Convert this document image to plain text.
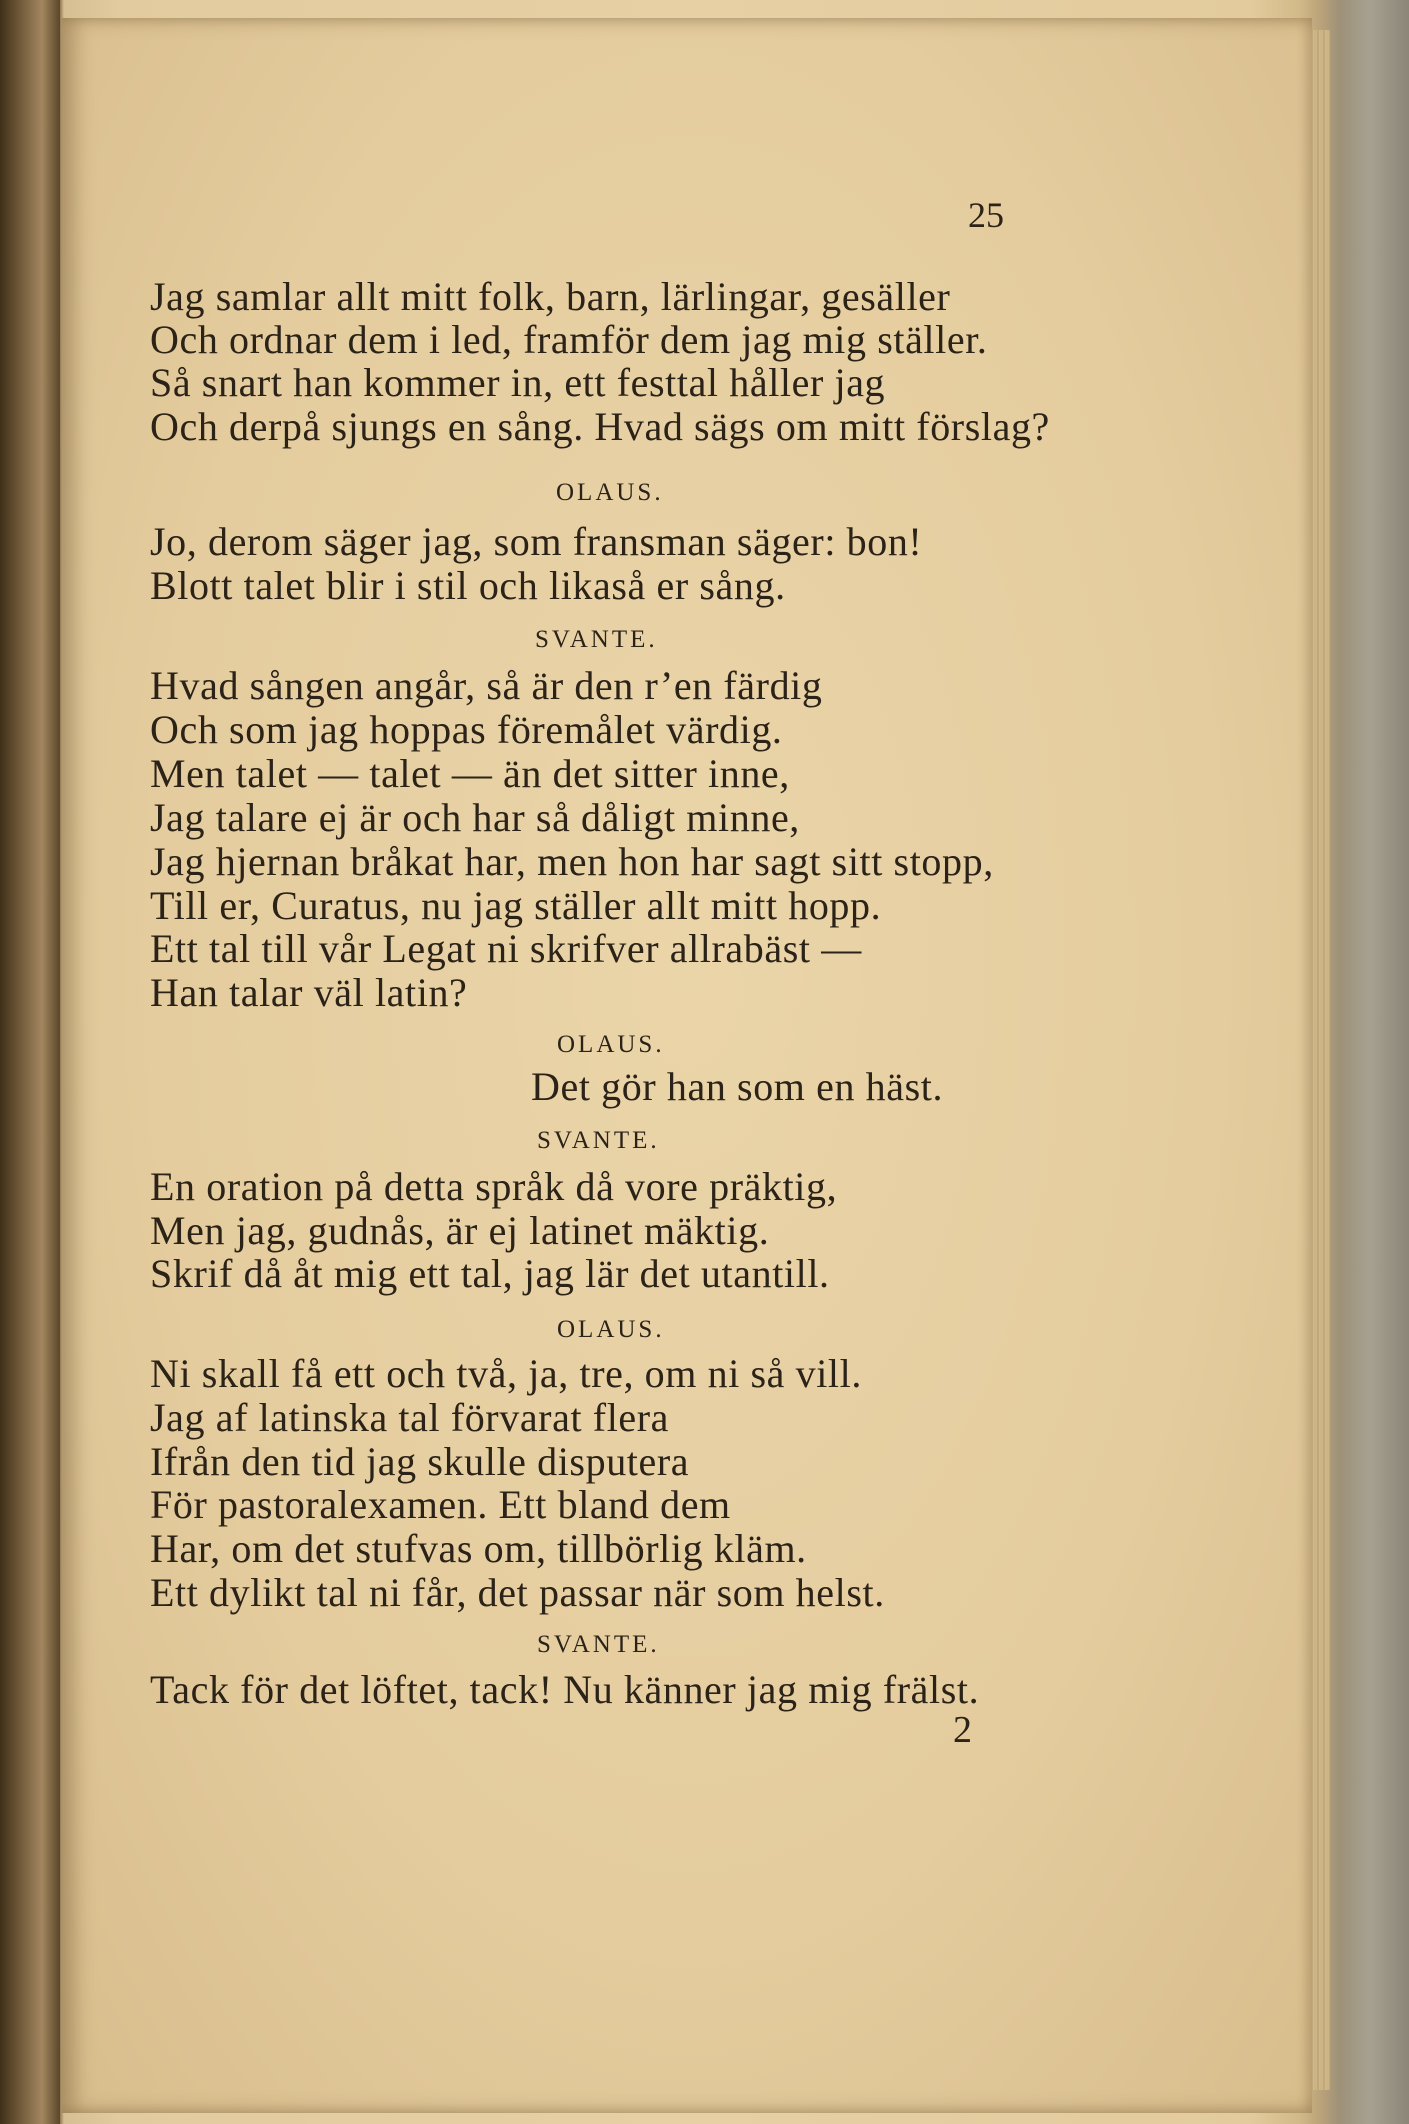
25
Jag samlar allt mitt folk, barn, lärlingar, gesäller
Och ordnar dem i led, framför dem jag mig ställer.
Så snart han kommer in, ett festtal håller jag
Och derpå sjungs en sång. Hvad sägs om mitt förslag?
OLAUS.
Jo, derom säger jag, som fransman säger: bon!
Blott talet blir i stil och likaså er sång.
SVANTE.
Hvad sången angår, så är den r’en färdig
Och som jag hoppas föremålet värdig.
Men talet — talet — än det sitter inne,
Jag talare ej är och har så dåligt minne,
Jag hjernan bråkat har, men hon har sagt sitt stopp,
Till er, Curatus, nu jag ställer allt mitt hopp.
Ett tal till vår Legat ni skrifver allrabäst —
Han talar väl latin?
OLAUS.
Det gör han som en häst.
SVANTE.
En oration på detta språk då vore präktig,
Men jag, gudnås, är ej latinet mäktig.
Skrif då åt mig ett tal, jag lär det utantill.
OLAUS.
Ni skall få ett och två, ja, tre, om ni så vill.
Jag af latinska tal förvarat flera
Ifrån den tid jag skulle disputera
För pastoralexamen. Ett bland dem
Har, om det stufvas om, tillbörlig kläm.
Ett dylikt tal ni får, det passar när som helst.
SVANTE.
Tack för det löftet, tack! Nu känner jag mig frälst.
2
